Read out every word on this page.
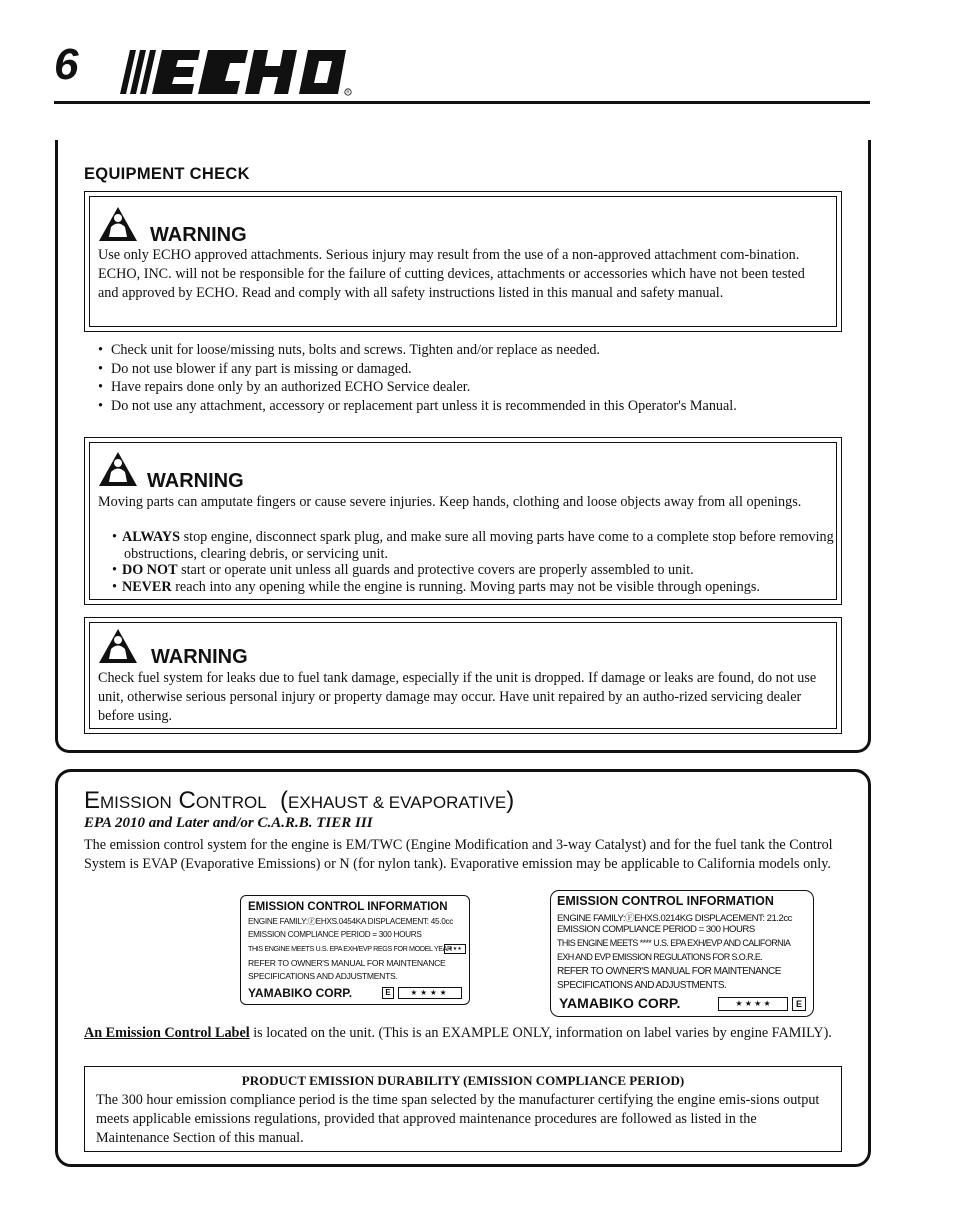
6
R
EQUIPMENT CHECK
WARNING
Use only ECHO approved attachments. Serious injury may result from the use of a non-approved attachment com-bination. ECHO, INC. will not be responsible for the failure of cutting devices, attachments or accessories which have not been tested and approved by ECHO. Read and comply with all safety instructions listed in this manual and safety manual.
• Check unit for loose/missing nuts, bolts and screws. Tighten and/or replace as needed.
• Do not use blower if any part is missing or damaged.
• Have repairs done only by an authorized ECHO Service dealer.
• Do not use any attachment, accessory or replacement part unless it is recommended in this Operator's Manual.
WARNING
Moving parts can amputate fingers or cause severe injuries. Keep hands, clothing and loose objects away from all openings.
• ALWAYS stop engine, disconnect spark plug, and make sure all moving parts have come to a complete stop before removing obstructions, clearing debris, or servicing unit.
• DO NOT start or operate unit unless all guards and protective covers are properly assembled to unit.
• NEVER reach into any opening while the engine is running. Moving parts may not be visible through openings.
WARNING
Check fuel system for leaks due to fuel tank damage, especially if the unit is dropped. If damage or leaks are found, do not use unit, otherwise serious personal injury or property damage may occur. Have unit repaired by an autho-rized servicing dealer before using.
EMISSION CONTROL (EXHAUST & EVAPORATIVE)
EPA 2010 and Later and/or C.A.R.B. TIER III
The emission control system for the engine is EM/TWC (Engine Modification and 3-way Catalyst) and for the fuel tank the Control System is EVAP (Evaporative Emissions) or N (for nylon tank). Evaporative emission may be applicable to California models only.
EMISSION CONTROL INFORMATION
ENGINE FAMILY:ⒻEHXS.0454KA DISPLACEMENT: 45.0cc
EMISSION COMPLIANCE PERIOD = 300 HOURS
THIS ENGINE MEETS U.S. EPA EXH/EVP REGS FOR MODEL YEAR
★★★
REFER TO OWNER'S MANUAL FOR MAINTENANCE
SPECIFICATIONS AND ADJUSTMENTS.
YAMABIKO CORP.	E	★★★★
EMISSION CONTROL INFORMATION
ENGINE FAMILY:ⒻEHXS.0214KG DISPLACEMENT: 21.2cc
EMISSION COMPLIANCE PERIOD = 300 HOURS
THIS ENGINE MEETS **** U.S. EPA EXH/EVP AND CALIFORNIA
EXH AND EVP EMISSION REGULATIONS FOR S.O.R.E.
REFER TO OWNER'S MANUAL FOR MAINTENANCE
SPECIFICATIONS AND ADJUSTMENTS.
YAMABIKO CORP.	★ ★ ★ ★	E
An Emission Control Label is located on the unit. (This is an EXAMPLE ONLY, information on label varies by engine FAMILY).
PRODUCT EMISSION DURABILITY (EMISSION COMPLIANCE PERIOD)
The 300 hour emission compliance period is the time span selected by the manufacturer certifying the engine emis-sions output meets applicable emissions regulations, provided that approved maintenance procedures are followed as listed in the Maintenance Section of this manual.
